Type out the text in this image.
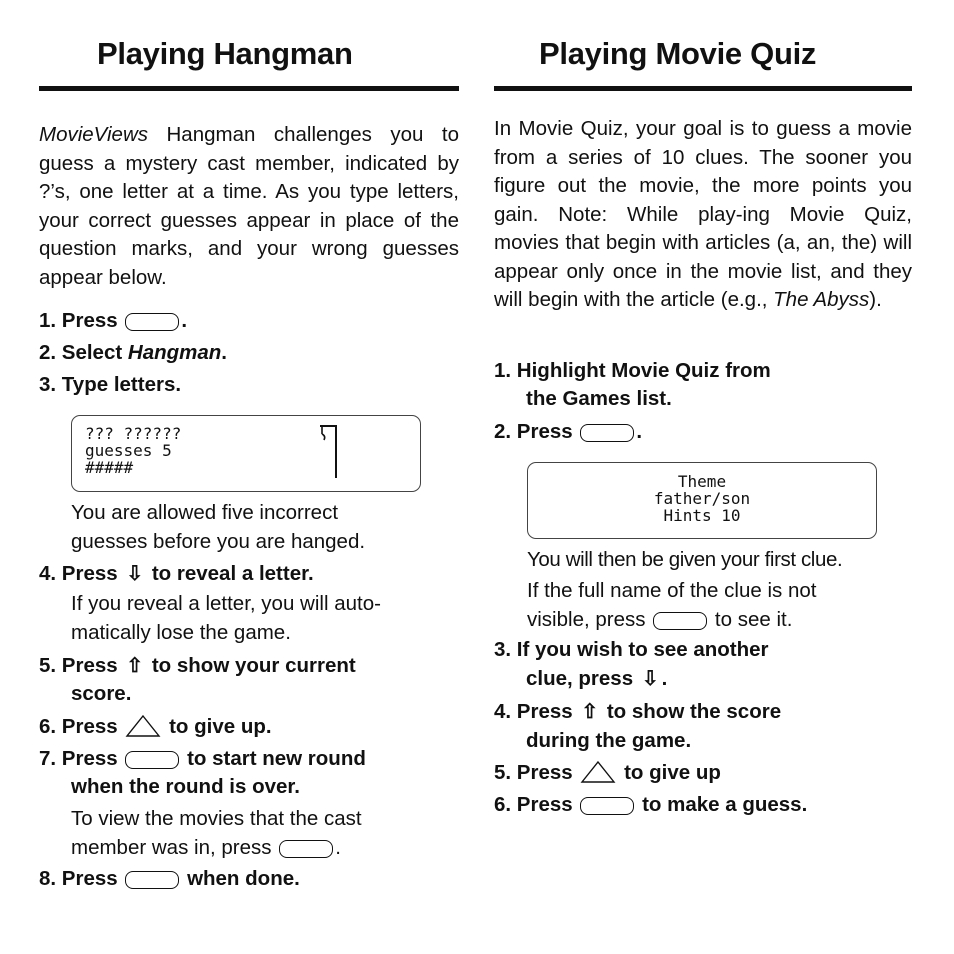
Playing Hangman
MovieViews Hangman challenges you to guess a mystery cast member, indicated by ?’s, one letter at a time. As you type letters, your correct guesses appear in place of the question marks, and your wrong guesses appear below.
1. Press	.
2. Select Hangman.
3. Type letters.
??? ??????
guesses 5
#####
You are allowed five incorrect
guesses before you are hanged.
4. Press ⇩ to reveal a letter.
If you reveal a letter, you will auto-
matically lose the game.
5. Press ⇧ to show your current
score.
6. Press	to give up.
7. Press	to start new round
when the round is over.
To view the movies that the cast
member was in, press	.
8. Press	when done.
Playing Movie Quiz
In Movie Quiz, your goal is to guess a movie from a series of 10 clues. The sooner you figure out the movie, the more points you gain. Note: While play-ing Movie Quiz, movies that begin with articles (a, an, the) will appear only once in the movie list, and they will begin with the article (e.g., The Abyss).
1. Highlight Movie Quiz from
the Games list.
2. Press	.
Theme
father/son
Hints 10
You will then be given your first clue.
If the full name of the clue is not
visible, press	to see it.
3. If you wish to see another
clue, press ⇩ .
4. Press ⇧ to show the score
during the game.
5. Press	to give up
6. Press	to make a guess.
